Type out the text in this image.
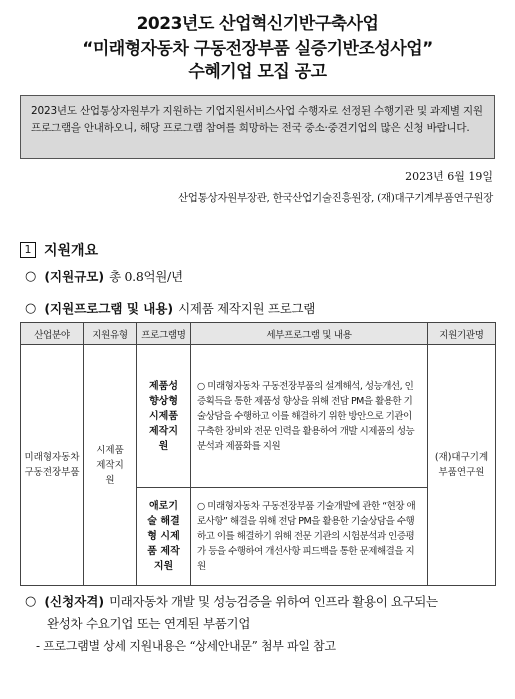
2023년도 산업혁신기반구축사업
“미래형자동차 구동전장부품 실증기반조성사업”
수혜기업 모집 공고
2023년도 산업통상자원부가 지원하는 기업지원서비스사업 수행자로 선정된 수행기관 및 과제별 지원 프로그램을 안내하오니, 해당 프로그램 참여를 희망하는 전국 중소·중견기업의 많은 신청 바랍니다.
2023년 6월 19일
산업통상자원부장관, 한국산업기술진흥원장, (재)대구기계부품연구원장
1 지원개요
○ (지원규모) 총 0.8억원/년
○ (지원프로그램 및 내용) 시제품 제작지원 프로그램
산업분야	지원유형	프로그램명	세부프로그램 및 내용	지원기관명
미래형자동차 구동전장부품	시제품 제작지원	제품성 향상형 시제품 제작지원	○ 미래형자동차 구동전장부품의 설계해석, 성능개선, 인증획득을 통한 제품성 향상을 위해 전담 PM을 활용한 기술상담을 수행하고 이를 해결하기 위한 방안으로 기관이 구축한 장비와 전문 인력을 활용하여 개발 시제품의 성능분석과 제품화를 지원	(재)대구기계부품연구원
		애로기술 해결형 시제품 제작지원	○ 미래형자동차 구동전장부품 기술개발에 관한 “현장 애로사항” 해결을 위해 전담 PM을 활용한 기술상담을 수행하고 이를 해결하기 위해 전문 기관의 시험분석과 인증평가 등을 수행하여 개선사항 피드백을 통한 문제해결을 지원	
○ (신청자격) 미래자동차 개발 및 성능검증을 위하여 인프라 활용이 요구되는
완성차 수요기업 또는 연계된 부품기업
- 프로그램별 상세 지원내용은 “상세안내문” 첨부 파일 참고
